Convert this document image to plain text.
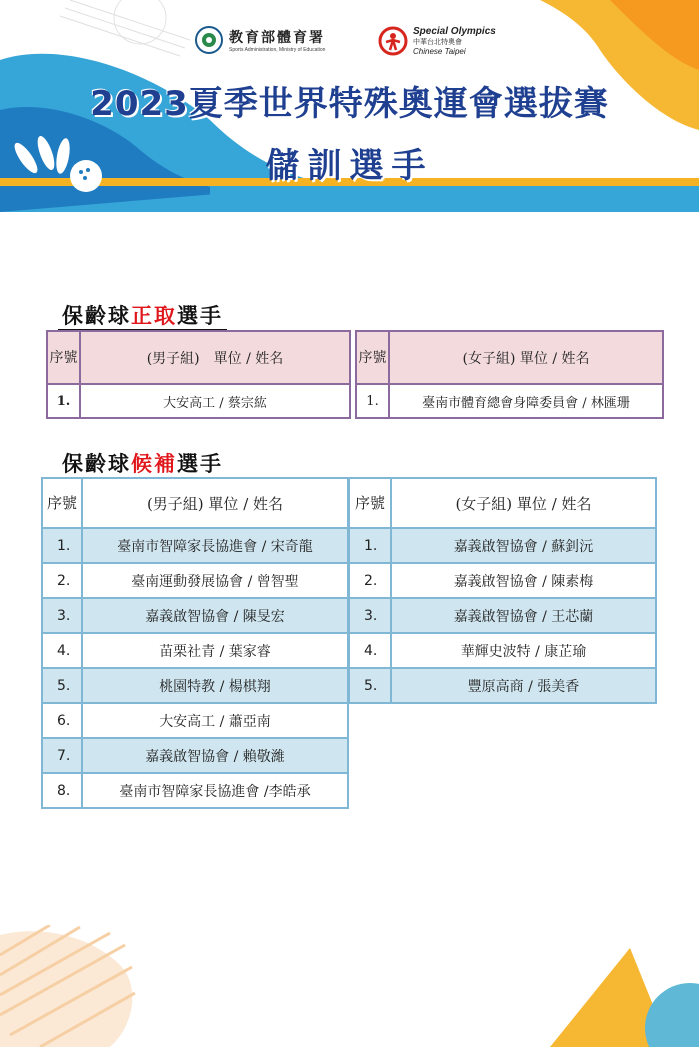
教育部體育署
Sports Administration, Ministry of Education
Special Olympics
中華台北特奧會
Chinese Taipei
2023夏季世界特殊奧運會選拔賽
儲訓選手
保齡球正取選手
序號	(男子組)　單位 / 姓名		序號	(女子組) 單位 / 姓名
1.	大安高工 / 蔡宗紘		1.	臺南市體育總會身障委員會 / 林匯珊
保齡球候補選手
序號	(男子組) 單位 / 姓名		序號	(女子組) 單位 / 姓名
1.	臺南市智障家長協進會 / 宋奇龍		1.	嘉義啟智協會 / 蘇釗沅
2.	臺南運動發展協會 / 曾智聖		2.	嘉義啟智協會 / 陳素梅
3.	嘉義啟智協會 / 陳旻宏		3.	嘉義啟智協會 / 王芯蘭
4.	苗栗社青 / 葉家睿		4.	華輝史波特 / 康芷瑜
5.	桃園特教 / 楊棋翔		5.	豐原高商 / 張美香
6.	大安高工 / 蕭亞南			
7.	嘉義啟智協會 / 賴敬濰			
8.	臺南市智障家長協進會 /李皓承			
